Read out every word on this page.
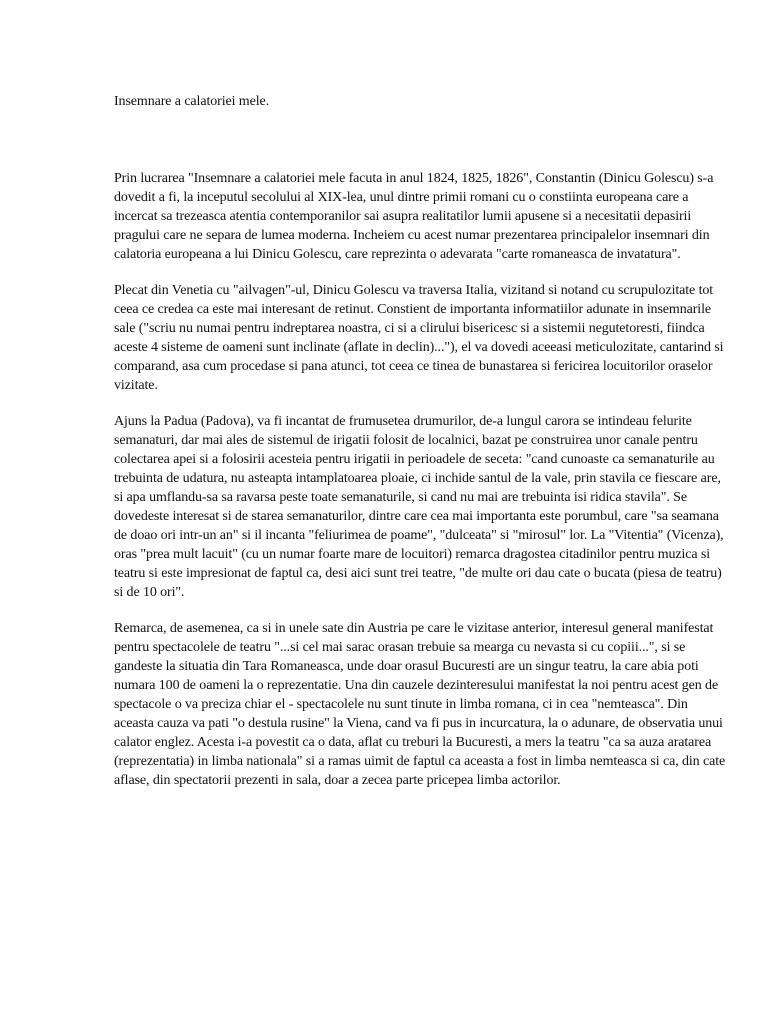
Insemnare a calatoriei mele.

Prin lucrarea "Insemnare a calatoriei mele facuta in anul 1824, 1825, 1826", Constantin (Dinicu Golescu) s-a dovedit a fi, la inceputul secolului al XIX-lea, unul dintre primii romani cu o constiinta europeana care a incercat sa trezeasca atentia contemporanilor sai asupra realitatilor lumii apusene si a necesitatii depasirii pragului care ne separa de lumea moderna. Incheiem cu acest numar prezentarea principalelor insemnari din calatoria europeana a lui Dinicu Golescu, care reprezinta o adevarata "carte romaneasca de invatatura".

Plecat din Venetia cu "ailvagen"-ul, Dinicu Golescu va traversa Italia, vizitand si notand cu scrupulozitate tot ceea ce credea ca este mai interesant de retinut. Constient de importanta informatiilor adunate in insemnarile sale ("scriu nu numai pentru indreptarea noastra, ci si a clirului bisericesc si a sistemii negutetoresti, fiindca aceste 4 sisteme de oameni sunt inclinate (aflate in declin)..."), el va dovedi aceeasi meticulozitate, cantarind si comparand, asa cum procedase si pana atunci, tot ceea ce tinea de bunastarea si fericirea locuitorilor oraselor vizitate.

Ajuns la Padua (Padova), va fi incantat de frumusetea drumurilor, de-a lungul carora se intindeau felurite semanaturi, dar mai ales de sistemul de irigatii folosit de localnici, bazat pe construirea unor canale pentru colectarea apei si a folosirii acesteia pentru irigatii in perioadele de seceta: "cand cunoaste ca semanaturile au trebuinta de udatura, nu asteapta intamplatoarea ploaie, ci inchide santul de la vale, prin stavila ce fiescare are, si apa umflandu-sa sa ravarsa peste toate semanaturile, si cand nu mai are trebuinta isi ridica stavila". Se dovedeste interesat si de starea semanaturilor, dintre care cea mai importanta este porumbul, care "sa seamana de doao ori intr-un an" si il incanta "feliurimea de poame", "dulceata" si "mirosul" lor. La "Vitentia" (Vicenza), oras "prea mult lacuit" (cu un numar foarte mare de locuitori) remarca dragostea citadinilor pentru muzica si teatru si este impresionat de faptul ca, desi aici sunt trei teatre, "de multe ori dau cate o bucata (piesa de teatru) si de 10 ori".

Remarca, de asemenea, ca si in unele sate din Austria pe care le vizitase anterior, interesul general manifestat pentru spectacolele de teatru "...si cel mai sarac orasan trebuie sa mearga cu nevasta si cu copiii...", si se gandeste la situatia din Tara Romaneasca, unde doar orasul Bucuresti are un singur teatru, la care abia poti numara 100 de oameni la o reprezentatie. Una din cauzele dezinteresului manifestat la noi pentru acest gen de spectacole o va preciza chiar el - spectacolele nu sunt tinute in limba romana, ci in cea "nemteasca". Din aceasta cauza va pati "o destula rusine" la Viena, cand va fi pus in incurcatura, la o adunare, de observatia unui calator englez. Acesta i-a povestit ca o data, aflat cu treburi la Bucuresti, a mers la teatru "ca sa auza aratarea (reprezentatia) in limba nationala" si a ramas uimit de faptul ca aceasta a fost in limba nemteasca si ca, din cate aflase, din spectatorii prezenti in sala, doar a zecea parte pricepea limba actorilor.
